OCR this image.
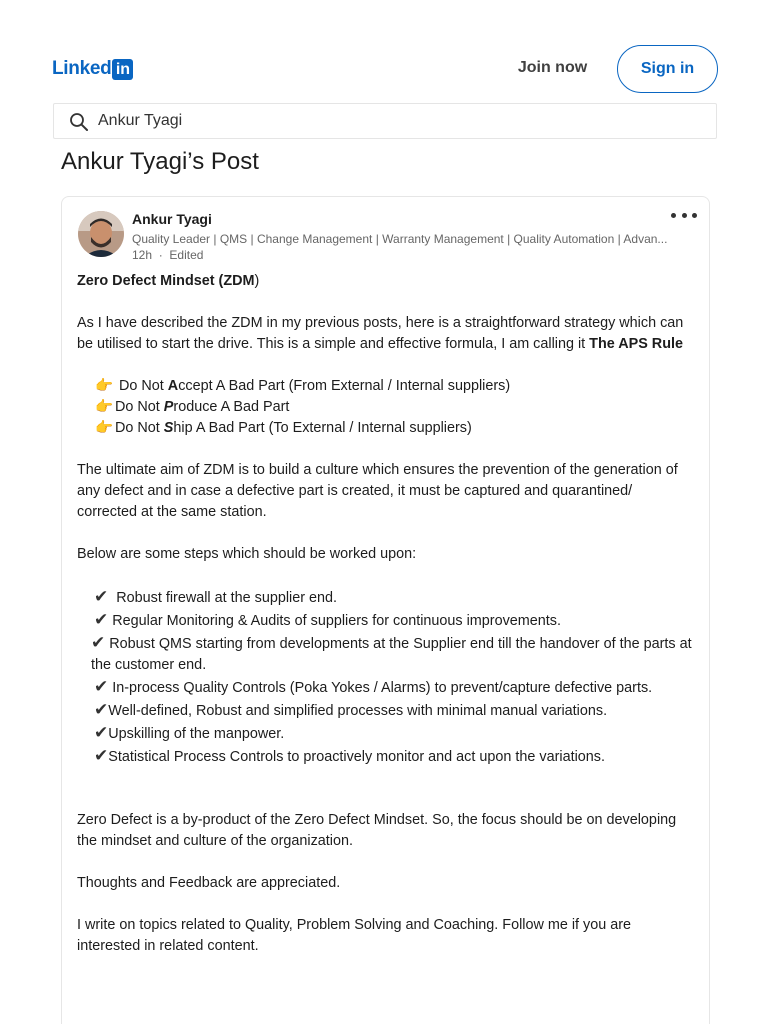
Linked in	Join now	Sign in
Ankur Tyagi
Ankur Tyagi’s Post
Ankur Tyagi
Quality Leader | QMS | Change Management | Warranty Management | Quality Automation | Advan...
12h  ·  Edited

Zero Defect Mindset (ZDM)

As I have described the ZDM in my previous posts, here is a straightforward strategy which can be utilised to start the drive. This is a simple and effective formula, I am calling it The APS Rule

👉 Do Not Accept A Bad Part (From External / Internal suppliers)

👉 Do Not Produce A Bad Part

👉 Do Not Ship A Bad Part (To External / Internal suppliers)

The ultimate aim of ZDM is to build a culture which ensures the prevention of the generation of any defect and in case a defective part is created, it must be captured and quarantined/ corrected at the same station.

Below are some steps which should be worked upon:

✔ Robust firewall at the supplier end.

✔ Regular Monitoring & Audits of suppliers for continuous improvements.

✔ Robust QMS starting from developments at the Supplier end till the handover of the parts at the customer end.

✔ In-process Quality Controls (Poka Yokes / Alarms) to prevent/capture defective parts.

✔Well-defined, Robust and simplified processes with minimal manual variations.

✔Upskilling of the manpower.

✔Statistical Process Controls to proactively monitor and act upon the variations.

Zero Defect is a by-product of the Zero Defect Mindset. So, the focus should be on developing the mindset and culture of the organization.

Thoughts and Feedback are appreciated.

I write on topics related to Quality, Problem Solving and Coaching. Follow me if you are interested in related content.
